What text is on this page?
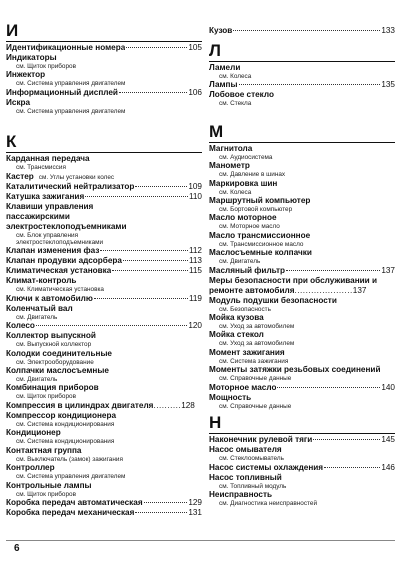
И
Идентификационные номера	105
Индикаторы
см. Щиток приборов
Инжектор
см. Система управления двигателем
Информационный дисплей	106
Искра
см. Система управления двигателем
К
Карданная передача
см. Трансмиссия
Кастер см. Углы установки колес
Каталитический нейтрализатор	109
Катушка зажигания	110
Клавиши управления пассажирскими электростеклоподъемниками
см. Блок управления электростеклоподъемниками
Клапан изменения фаз	112
Клапан продувки адсорбера	113
Климатическая установка	115
Климат-контроль
см. Климатическая установка
Ключи к автомобилю	119
Коленчатый вал
см. Двигатель
Колесо	120
Коллектор выпускной
см. Выпускной коллектор
Колодки соединительные
см. Электрооборудование
Колпачки маслосъемные
см. Двигатель
Комбинация приборов
см. Щиток приборов
Компрессия в цилиндрах двигателя..........128
Компрессор кондиционера
см. Система кондиционирования
Кондиционер
см. Система кондиционирования
Контактная группа
см. Выключатель (замок) зажигания
Контроллер
см. Система управления двигателем
Контрольные лампы
см. Щиток приборов
Коробка передач автоматическая	129
Коробка передач механическая	131
Кузов	133
Л
Ламели
см. Колеса
Лампы	135
Лобовое стекло
см. Стекла
М
Магнитола
см. Аудиосистема
Манометр
см. Давление в шинах
Маркировка шин
см. Колеса
Маршрутный компьютер
см. Бортовой компьютер
Масло моторное
см. Моторное масло
Масло трансмиссионное
см. Трансмиссионное масло
Маслосъемные колпачки
см. Двигатель
Масляный фильтр	137
Меры безопасности при обслуживании и ремонте автомобиля.....................137
Модуль подушки безопасности
см. Безопасность
Мойка кузова
см. Уход за автомобилем
Мойка стекол
см. Уход за автомобилем
Момент зажигания
см. Система зажигания
Моменты затяжки резьбовых соединений
см. Справочные данные
Моторное масло	140
Мощность
см. Справочные данные
Н
Наконечник рулевой тяги	145
Насос омывателя
см. Стеклоомыватель
Насос системы охлаждения	146
Насос топливный
см. Топливный модуль
Неисправность
см. Диагностика неисправностей
6
